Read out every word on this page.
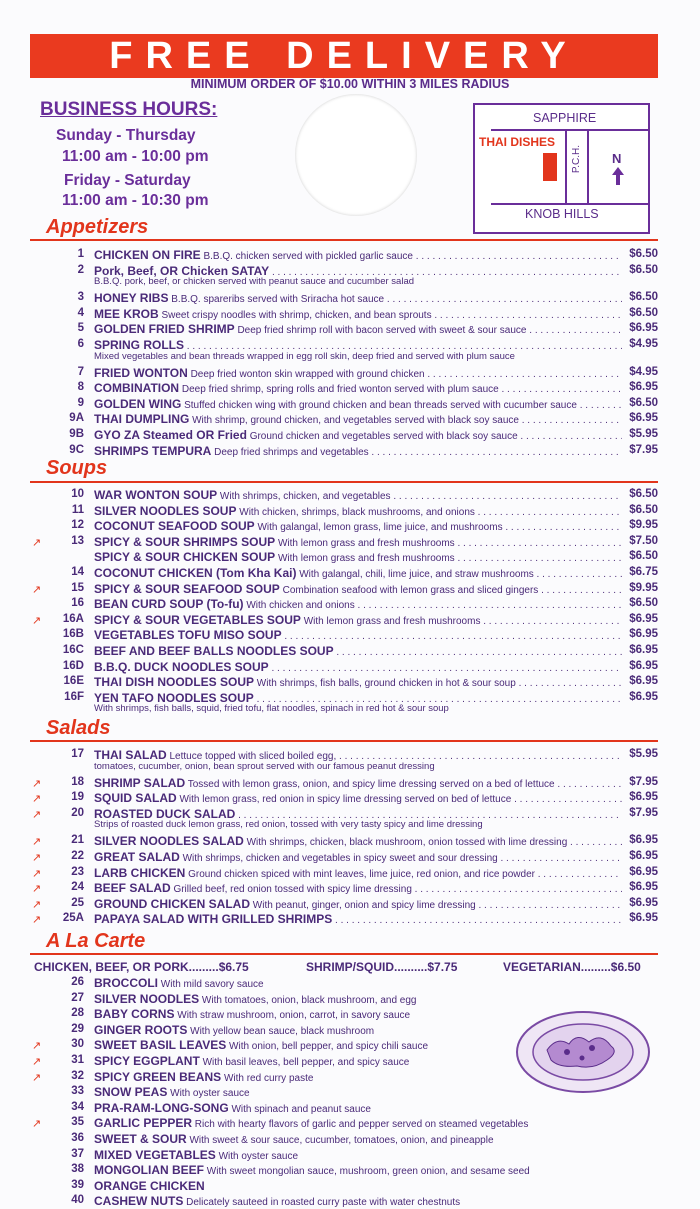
FREE DELIVERY
MINIMUM ORDER OF $10.00 WITHIN 3 MILES RADIUS
BUSINESS HOURS:
Sunday - Thursday
11:00 am - 10:00 pm
Friday - Saturday
11:00 am - 10:30 pm
SAPPHIRE
THAI DISHES
P.C.H. N
KNOB HILLS
Appetizers
1 CHICKEN ON FIRE B.B.Q. chicken served with pickled garlic sauce . . .	$6.50
2 Pork, Beef, OR Chicken SATAY . . .	$6.50
B.B.Q. pork, beef, or chicken served with peanut sauce and cucumber salad
3 HONEY RIBS B.B.Q. spareribs served with Sriracha hot sauce . . .	$6.50
4 MEE KROB Sweet crispy noodles with shrimp, chicken, and bean sprouts . . .	$6.50
5 GOLDEN FRIED SHRIMP Deep fried shrimp roll with bacon served with sweet & sour sauce . . .	$6.95
6 SPRING ROLLS . . .	$4.95
Mixed vegetables and bean threads wrapped in egg roll skin, deep fried and served with plum sauce
7 FRIED WONTON Deep fried wonton skin wrapped with ground chicken . . .	$4.95
8 COMBINATION Deep fried shrimp, spring rolls and fried wonton served with plum sauce . . .	$6.95
9 GOLDEN WING Stuffed chicken wing with ground chicken and bean threads served with cucumber sauce . . .	$6.50
9A THAI DUMPLING With shrimp, ground chicken, and vegetables served with black soy sauce . . .	$6.95
9B GYO ZA Steamed OR Fried Ground chicken and vegetables served with black soy sauce . . .	$5.95
9C SHRIMPS TEMPURA Deep fried shrimps and vegetables . . .	$7.95
Soups
10 WAR WONTON SOUP With shrimps, chicken, and vegetables . . .	$6.50
11 SILVER NOODLES SOUP With chicken, shrimps, black mushrooms, and onions . . .	$6.50
12 COCONUT SEAFOOD SOUP With galangal, lemon grass, lime juice, and mushrooms . . .	$9.95
↗	13 SPICY & SOUR SHRIMPS SOUP With lemon grass and fresh mushrooms . . .	$7.50
SPICY & SOUR CHICKEN SOUP With lemon grass and fresh mushrooms . . .	$6.50
14 COCONUT CHICKEN (Tom Kha Kai) With galangal, chili, lime juice, and straw mushrooms . . .	$6.75
↗	15 SPICY & SOUR SEAFOOD SOUP Combination seafood with lemon grass and sliced gingers . . .	$9.95
16 BEAN CURD SOUP (To-fu) With chicken and onions . . .	$6.50
↗	16A SPICY & SOUR VEGETABLES SOUP With lemon grass and fresh mushrooms . . .	$6.95
16B VEGETABLES TOFU MISO SOUP . . .	$6.95
16C BEEF AND BEEF BALLS NOODLES SOUP . . .	$6.95
16D B.B.Q. DUCK NOODLES SOUP . . .	$6.95
16E THAI DISH NOODLES SOUP With shrimps, fish balls, ground chicken in hot & sour soup . . .	$6.95
16F YEN TAFO NOODLES SOUP . . .	$6.95
With shrimps, fish balls, squid, fried tofu, flat noodles, spinach in red hot & sour soup
Salads
17 THAI SALAD Lettuce topped with sliced boiled egg, . . .	$5.95
tomatoes, cucumber, onion, bean sprout served with our famous peanut dressing
↗	18 SHRIMP SALAD Tossed with lemon grass, onion, and spicy lime dressing served on a bed of lettuce . . .	$7.95
↗	19 SQUID SALAD With lemon grass, red onion in spicy lime dressing served on bed of lettuce . . .	$6.95
↗	20 ROASTED DUCK SALAD . . .	$7.95
Strips of roasted duck lemon grass, red onion, tossed with very tasty spicy and lime dressing
↗	21 SILVER NOODLES SALAD With shrimps, chicken, black mushroom, onion tossed with lime dressing . . .	$6.95
↗	22 GREAT SALAD With shrimps, chicken and vegetables in spicy sweet and sour dressing . . .	$6.95
↗	23 LARB CHICKEN Ground chicken spiced with mint leaves, lime juice, red onion, and rice powder . . .	$6.95
↗	24 BEEF SALAD Grilled beef, red onion tossed with spicy lime dressing . . .	$6.95
↗	25 GROUND CHICKEN SALAD With peanut, ginger, onion and spicy lime dressing . . .	$6.95
↗	25A PAPAYA SALAD WITH GRILLED SHRIMPS . . .	$6.95
A La Carte
CHICKEN, BEEF, OR PORK.........$6.75	SHRIMP/SQUID..........$7.75	VEGETARIAN.........$6.50
26 BROCCOLI With mild savory sauce
27 SILVER NOODLES With tomatoes, onion, black mushroom, and egg
28 BABY CORNS With straw mushroom, onion, carrot, in savory sauce
29 GINGER ROOTS With yellow bean sauce, black mushroom
↗	30 SWEET BASIL LEAVES With onion, bell pepper, and spicy chili sauce
↗	31 SPICY EGGPLANT With basil leaves, bell pepper, and spicy sauce
↗	32 SPICY GREEN BEANS With red curry paste
33 SNOW PEAS With oyster sauce
34 PRA-RAM-LONG-SONG With spinach and peanut sauce
↗	35 GARLIC PEPPER Rich with hearty flavors of garlic and pepper served on steamed vegetables
36 SWEET & SOUR With sweet & sour sauce, cucumber, tomatoes, onion, and pineapple
37 MIXED VEGETABLES With oyster sauce
38 MONGOLIAN BEEF With sweet mongolian sauce, mushroom, green onion, and sesame seed
39 ORANGE CHICKEN
40 CASHEW NUTS Delicately sauteed in roasted curry paste with water chestnuts
